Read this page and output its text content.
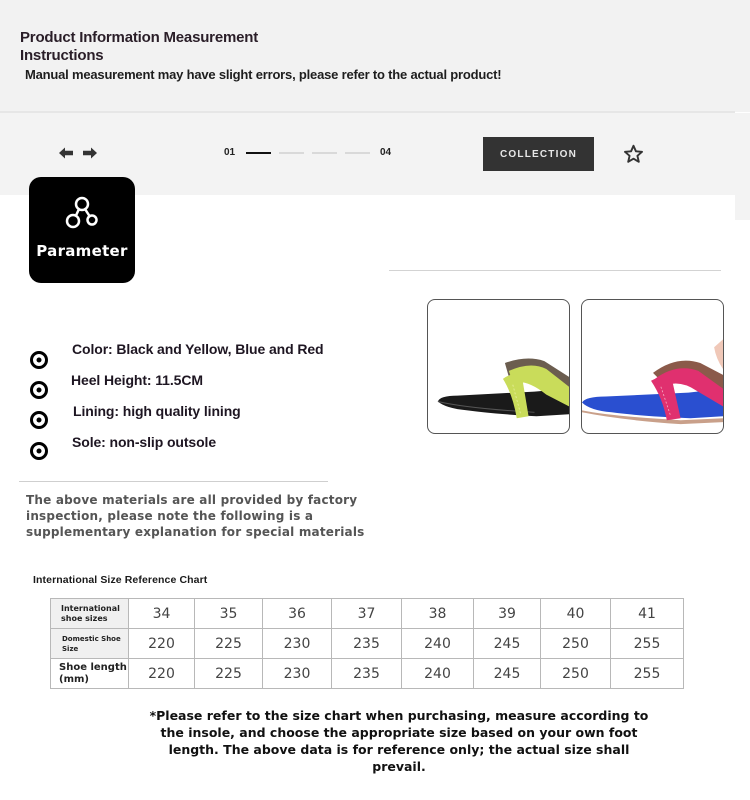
Product Information Measurement Instructions
Manual measurement may have slight errors, please refer to the actual product!
01	04	COLLECTION
Parameter
Color: Black and Yellow, Blue and Red
Heel Height: 11.5CM
Lining: high quality lining
Sole: non-slip outsole
The above materials are all provided by factory inspection, please note the following is a supplementary explanation for special materials
International Size Reference Chart
International shoe sizes	34	35	36	37	38	39	40	41
Domestic Shoe Size	220	225	230	235	240	245	250	255
Shoe length (mm)	220	225	230	235	240	245	250	255
*Please refer to the size chart when purchasing, measure according to the insole, and choose the appropriate size based on your own foot length. The above data is for reference only; the actual size shall prevail.
